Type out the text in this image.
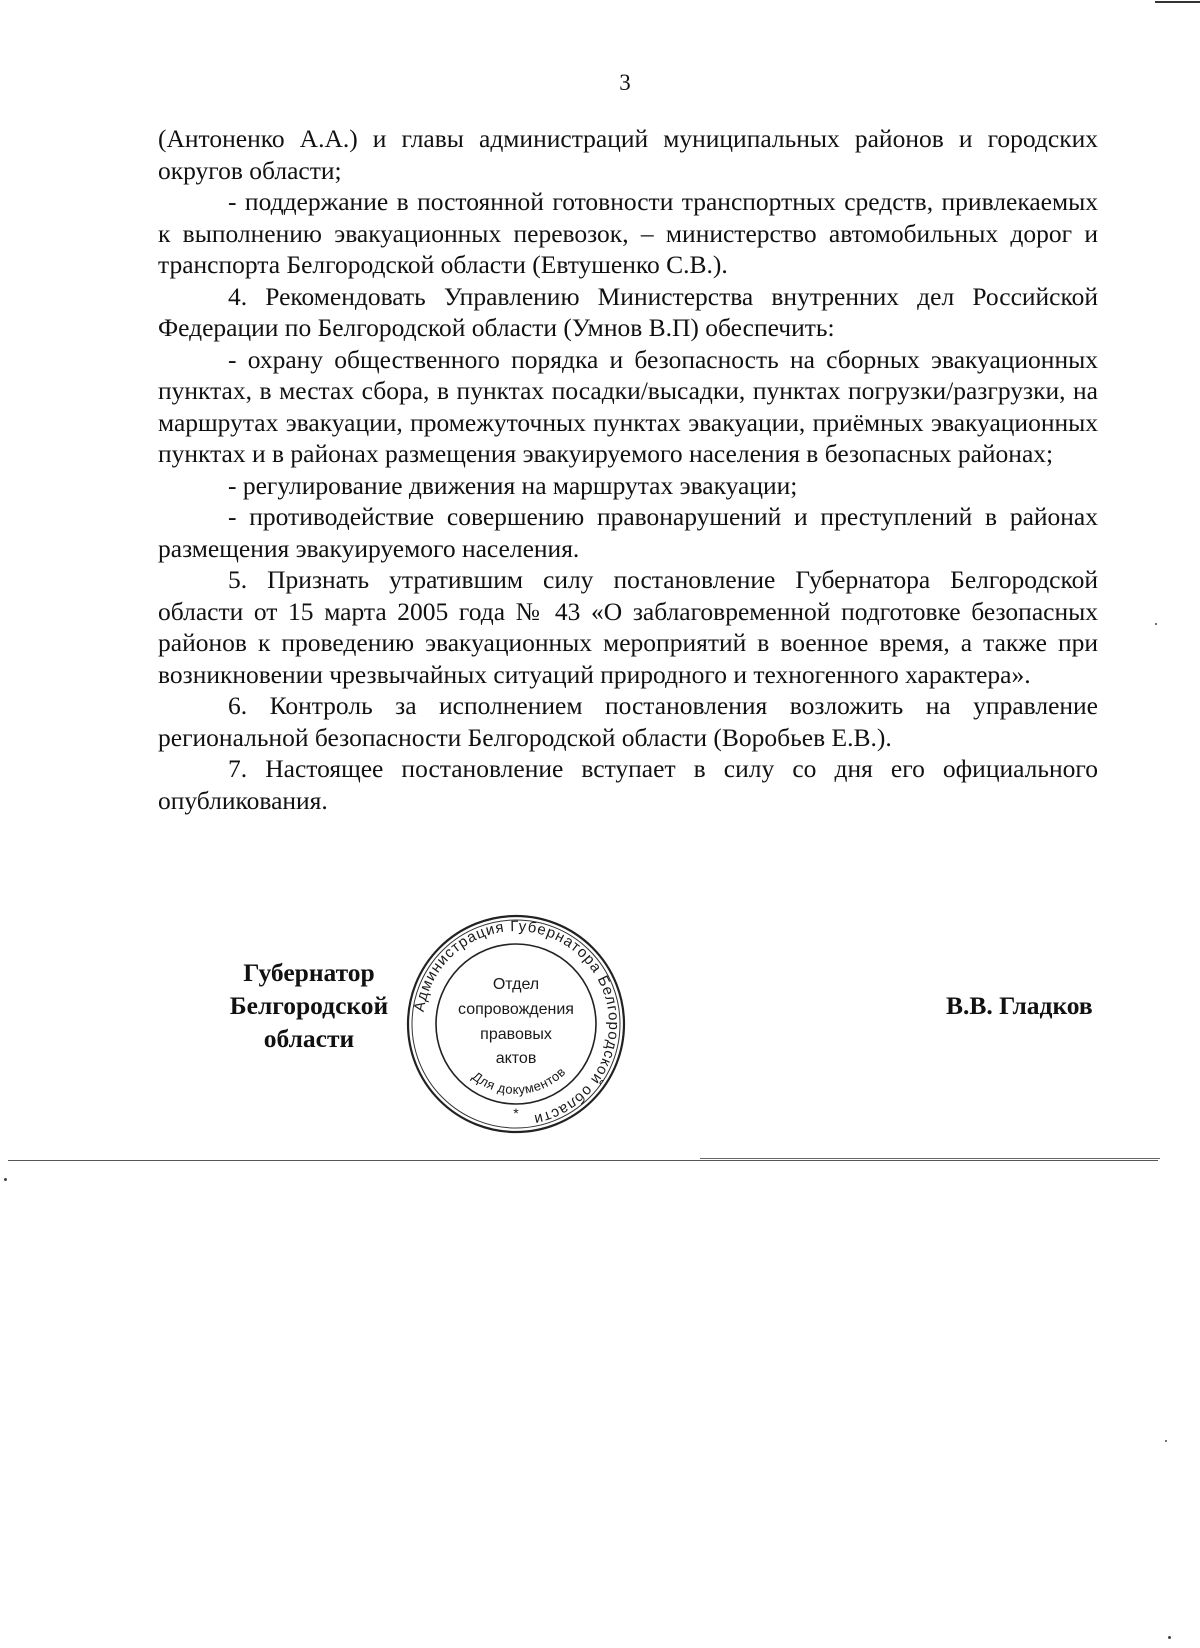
3

(Антоненко А.А.) и главы администраций муниципальных районов и городских округов области;

- поддержание в постоянной готовности транспортных средств, привлекаемых к выполнению эвакуационных перевозок, – министерство автомобильных дорог и транспорта Белгородской области (Евтушенко С.В.).

4. Рекомендовать Управлению Министерства внутренних дел Российской Федерации по Белгородской области (Умнов В.П) обеспечить:

- охрану общественного порядка и безопасность на сборных эвакуационных пунктах, в местах сбора, в пунктах посадки/высадки, пунктах погрузки/разгрузки, на маршрутах эвакуации, промежуточных пунктах эвакуации, приёмных эвакуационных пунктах и в районах размещения эвакуируемого населения в безопасных районах;

- регулирование движения на маршрутах эвакуации;

- противодействие совершению правонарушений и преступлений в районах размещения эвакуируемого населения.

5. Признать утратившим силу постановление Губернатора Белгородской области от 15 марта 2005 года № 43 «О заблаговременной подготовке безопасных районов к проведению эвакуационных мероприятий в военное время, а также при возникновении чрезвычайных ситуаций природного и техногенного характера».

6. Контроль за исполнением постановления возложить на управление региональной безопасности Белгородской области (Воробьев Е.В.).

7. Настоящее постановление вступает в силу со дня его официального опубликования.

Губернатор
Белгородской области
Администрация Губернатора Белгородской области
Для документов
Отдел
сопровождения
правовых
актов
*
В.В. Гладков
